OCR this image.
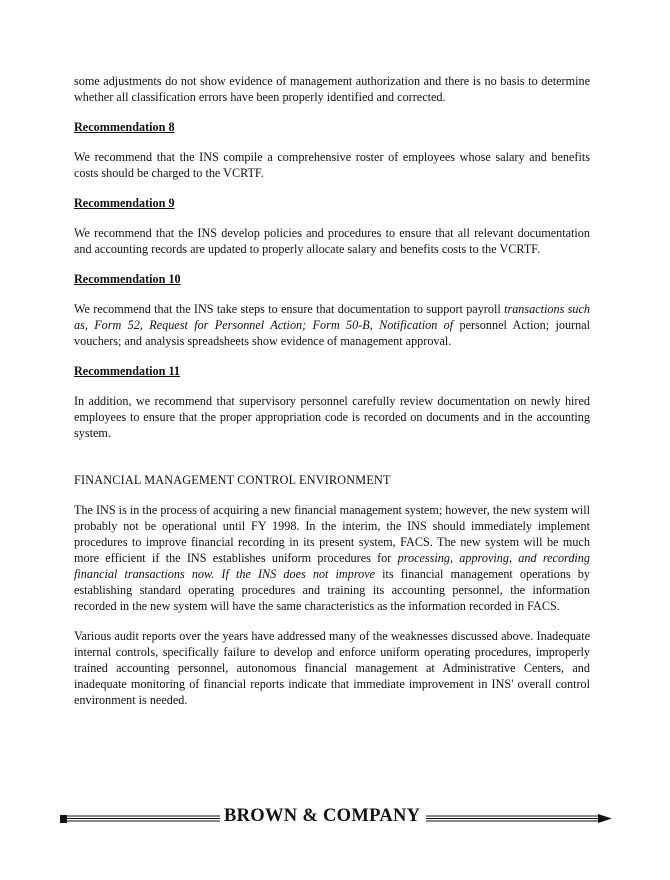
some adjustments do not show evidence of management authorization and there is no basis to determine whether all classification errors have been properly identified and corrected.

Recommendation 8

We recommend that the INS compile a comprehensive roster of employees whose salary and benefits costs should be charged to the VCRTF.

Recommendation 9

We recommend that the INS develop policies and procedures to ensure that all relevant documentation and accounting records are updated to properly allocate salary and benefits costs to the VCRTF.

Recommendation 10

We recommend that the INS take steps to ensure that documentation to support payroll transactions such as, Form 52, Request for Personnel Action; Form 50-B, Notification of personnel Action; journal vouchers; and analysis spreadsheets show evidence of management approval.

Recommendation 11

In addition, we recommend that supervisory personnel carefully review documentation on newly hired employees to ensure that the proper appropriation code is recorded on documents and in the accounting system.

FINANCIAL MANAGEMENT CONTROL ENVIRONMENT

The INS is in the process of acquiring a new financial management system; however, the new system will probably not be operational until FY 1998. In the interim, the INS should immediately implement procedures to improve financial recording in its present system, FACS. The new system will be much more efficient if the INS establishes uniform procedures for processing, approving, and recording financial transactions now. If the INS does not improve its financial management operations by establishing standard operating procedures and training its accounting personnel, the information recorded in the new system will have the same characteristics as the information recorded in FACS.

Various audit reports over the years have addressed many of the weaknesses discussed above. Inadequate internal controls, specifically failure to develop and enforce uniform operating procedures, improperly trained accounting personnel, autonomous financial management at Administrative Centers, and inadequate monitoring of financial reports indicate that immediate improvement in INS' overall control environment is needed.

BROWN & COMPANY
